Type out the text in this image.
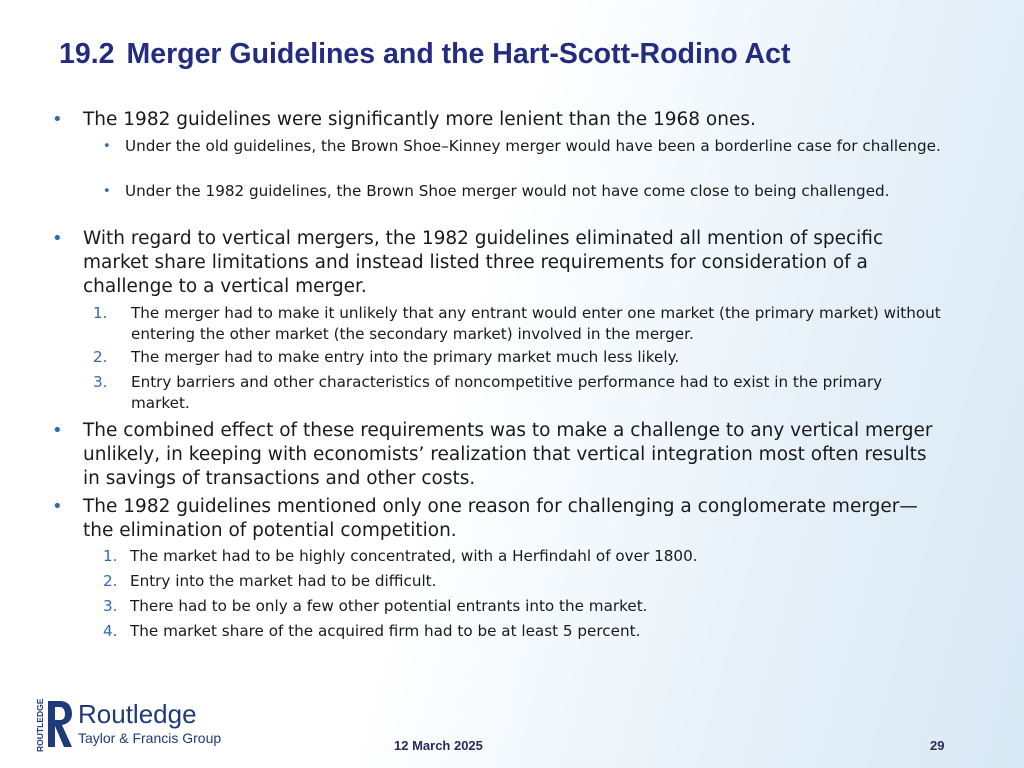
19.2 Merger Guidelines and the Hart-Scott-Rodino Act
• The 1982 guidelines were significantly more lenient than the 1968 ones.
• Under the old guidelines, the Brown Shoe–Kinney merger would have been a borderline case for challenge.
• Under the 1982 guidelines, the Brown Shoe merger would not have come close to being challenged.
• With regard to vertical mergers, the 1982 guidelines eliminated all mention of specific market share limitations and instead listed three requirements for consideration of a challenge to a vertical merger.
1. The merger had to make it unlikely that any entrant would enter one market (the primary market) without entering the other market (the secondary market) involved in the merger.
2. The merger had to make entry into the primary market much less likely.
3. Entry barriers and other characteristics of noncompetitive performance had to exist in the primary market.
• The combined effect of these requirements was to make a challenge to any vertical merger unlikely, in keeping with economists’ realization that vertical integration most often results in savings of transactions and other costs.
• The 1982 guidelines mentioned only one reason for challenging a conglomerate merger—the elimination of potential competition.
1. The market had to be highly concentrated, with a Herfindahl of over 1800.
2. Entry into the market had to be difficult.
3. There had to be only a few other potential entrants into the market.
4. The market share of the acquired firm had to be at least 5 percent.
ROUTLEDGE Routledge
Taylor & Francis Group	12 March 2025	29
